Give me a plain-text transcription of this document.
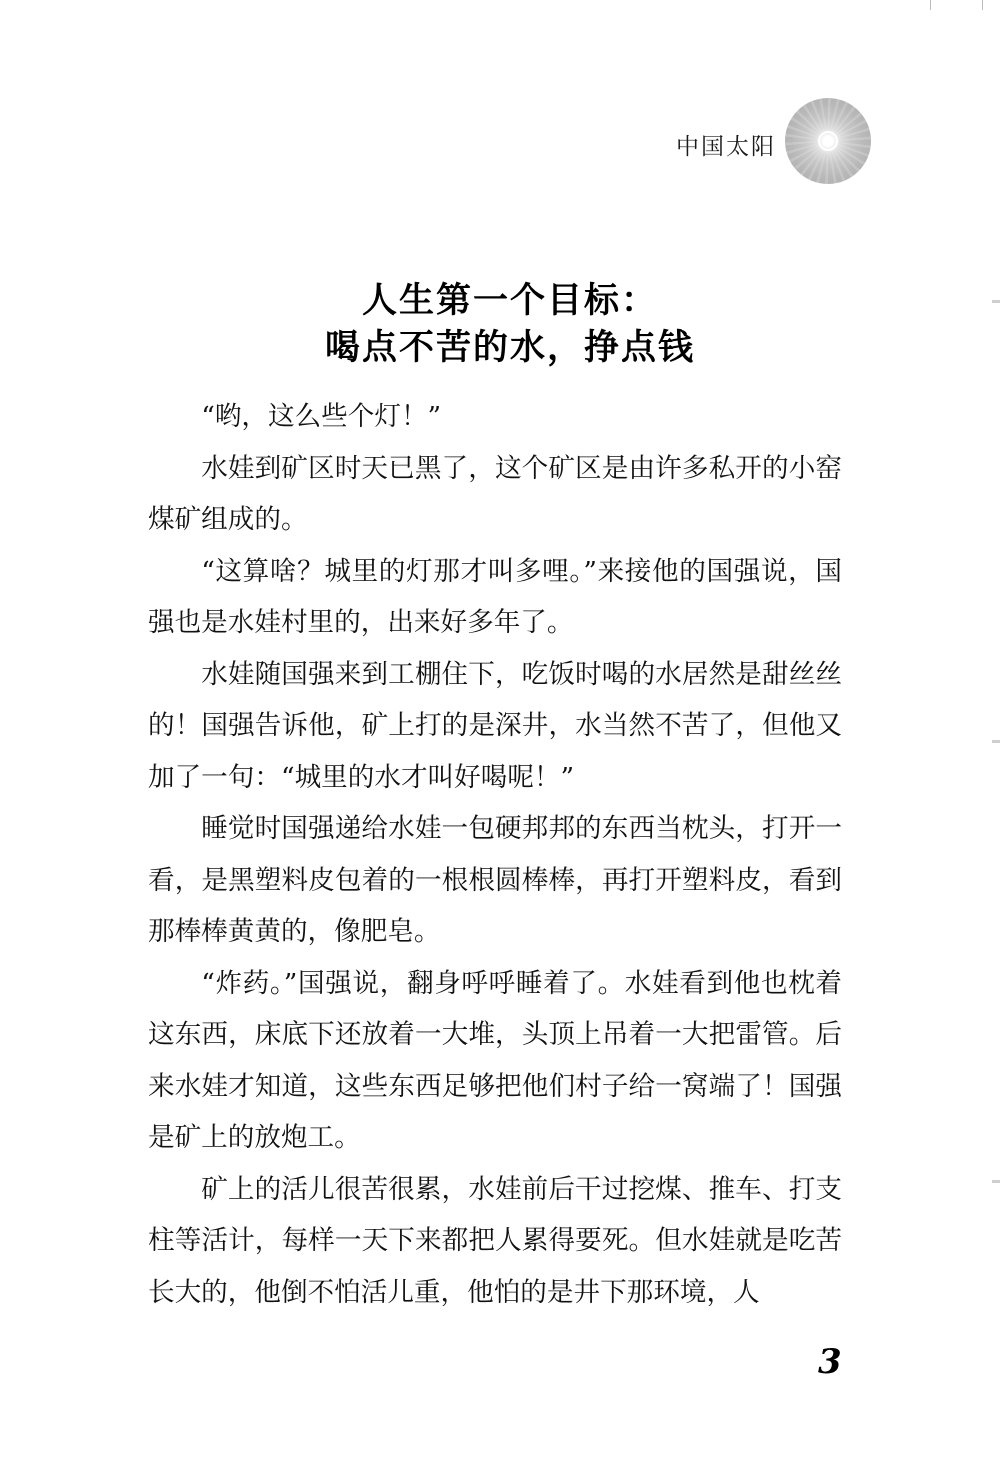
中国太阳
人生第一个目标：
喝点不苦的水，挣点钱

“哟，这么些个灯！”

水娃到矿区时天已黑了，这个矿区是由许多私开的小窑煤矿组成的。

“这算啥？城里的灯那才叫多哩。”来接他的国强说，国强也是水娃村里的，出来好多年了。

水娃随国强来到工棚住下，吃饭时喝的水居然是甜丝丝的！国强告诉他，矿上打的是深井，水当然不苦了，但他又加了一句：“城里的水才叫好喝呢！”

睡觉时国强递给水娃一包硬邦邦的东西当枕头，打开一看，是黑塑料皮包着的一根根圆棒棒，再打开塑料皮，看到那棒棒黄黄的，像肥皂。

“炸药。”国强说，翻身呼呼睡着了。水娃看到他也枕着这东西，床底下还放着一大堆，头顶上吊着一大把雷管。后来水娃才知道，这些东西足够把他们村子给一窝端了！国强是矿上的放炮工。

矿上的活儿很苦很累，水娃前后干过挖煤、推车、打支柱等活计，每样一天下来都把人累得要死。但水娃就是吃苦长大的，他倒不怕活儿重，他怕的是井下那环境，人

3
